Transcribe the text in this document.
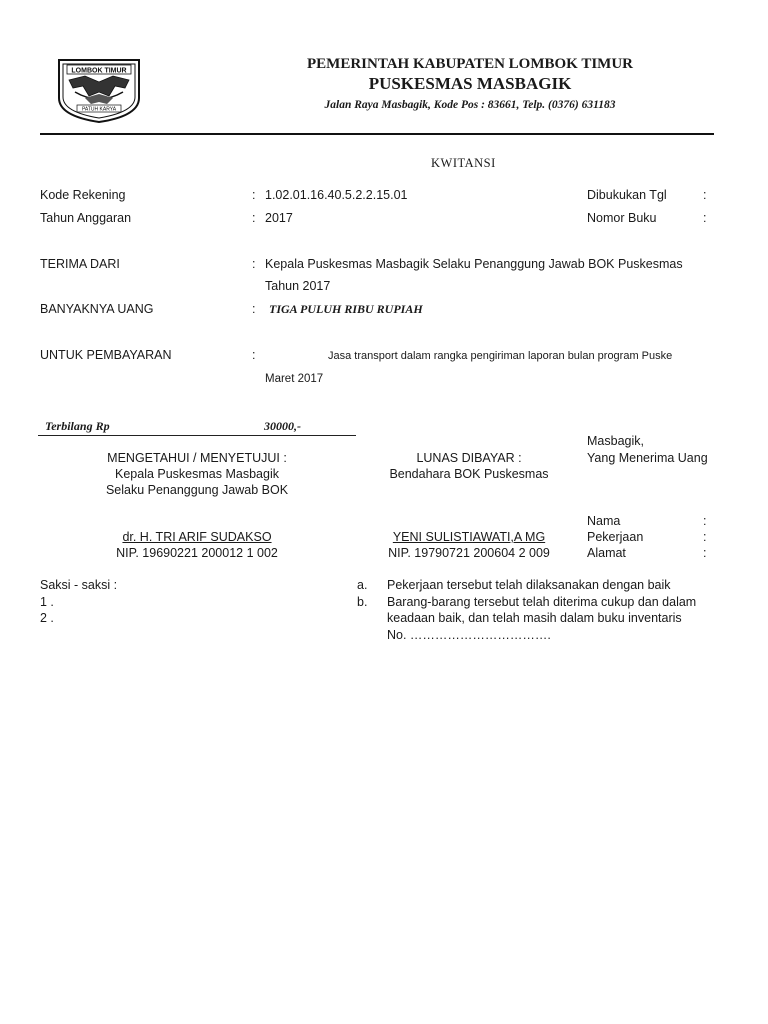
LOMBOK TIMUR
PATUH KARYA
PEMERINTAH KABUPATEN LOMBOK TIMUR
PUSKESMAS MASBAGIK
Jalan Raya Masbagik, Kode Pos : 83661, Telp. (0376) 631183
KWITANSI
Kode Rekening	: 1.02.01.16.40.5.2.2.15.01	Dibukukan Tgl	:
Tahun Anggaran	: 2017	Nomor Buku	:
TERIMA DARI	: Kepala Puskesmas Masbagik Selaku Penanggung Jawab BOK Puskesmas
Tahun 2017
BANYAKNYA UANG	: TIGA PULUH RIBU RUPIAH
UNTUK PEMBAYARAN	:	Jasa transport dalam rangka pengiriman laporan bulan program Puske
Maret 2017
Terbilang Rp	30000,-
Masbagik,
MENGETAHUI / MENYETUJUI :	LUNAS DIBAYAR :	Yang Menerima Uang
Kepala Puskesmas Masbagik	Bendahara BOK Puskesmas
Selaku Penanggung Jawab BOK
Nama	:
dr. H. TRI ARIF SUDAKSO	YENI SULISTIAWATI,A MG	Pekerjaan	:
NIP. 19690221 200012 1 002	NIP. 19790721 200604 2 009	Alamat	:
Saksi - saksi :
1 .
2 .
a. Pekerjaan tersebut telah dilaksanakan dengan baik
b. Barang-barang tersebut telah diterima cukup dan dalam
keadaan baik, dan telah masih dalam buku inventaris
No. …………………………….
